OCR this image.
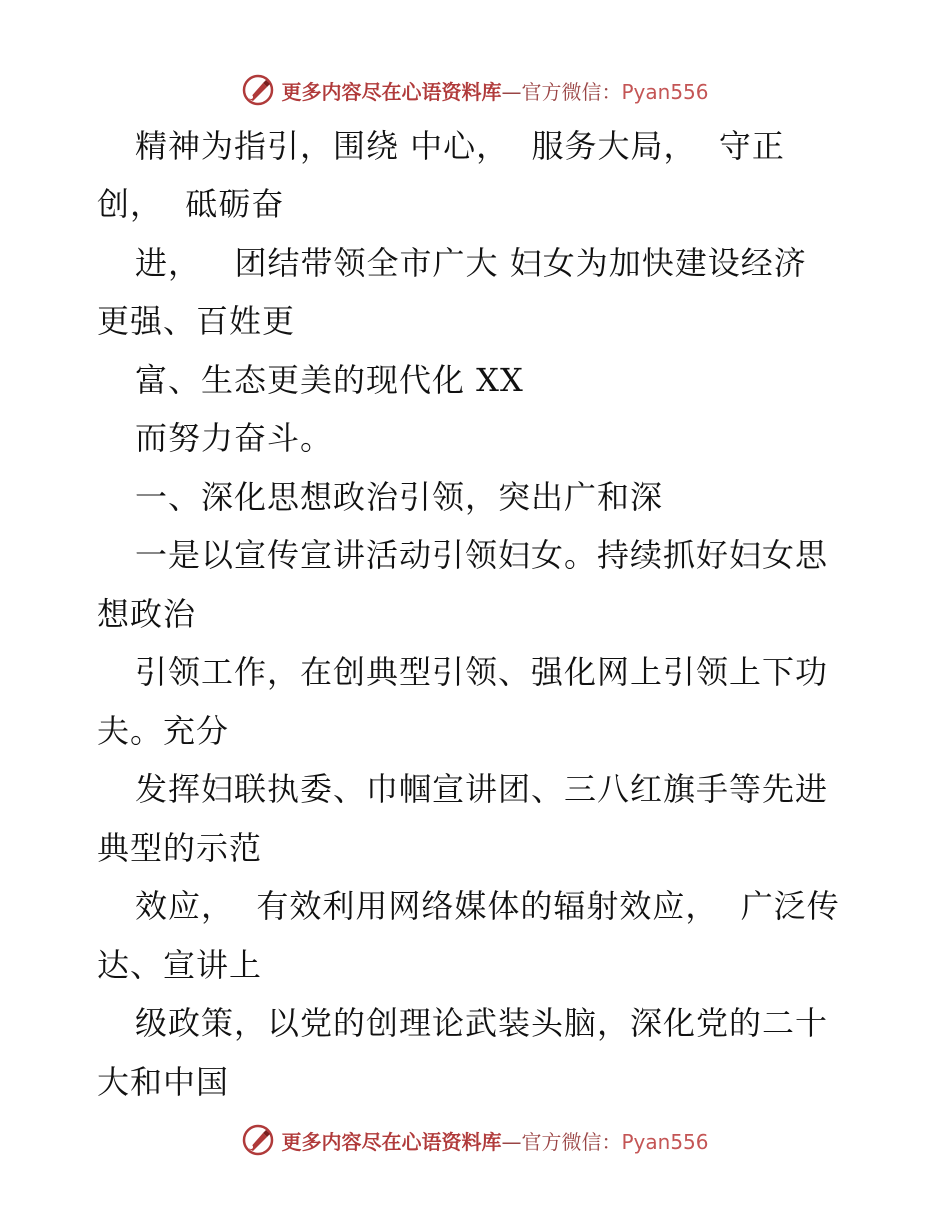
更多内容尽在心语资料库—官方微信：Pyan556
精神为指引，围绕 中心，  服务大局，  守正
创，  砥砺奋
进，   团结带领全市广大 妇女为加快建设经济
更强、百姓更
富、生态更美的现代化 XX
而努力奋斗。
一、深化思想政治引领，突出广和深
一是以宣传宣讲活动引领妇女。持续抓好妇女思
想政治
引领工作，在创典型引领、强化网上引领上下功
夫。充分
发挥妇联执委、巾帼宣讲团、三八红旗手等先进
典型的示范
效应，  有效利用网络媒体的辐射效应，  广泛传
达、宣讲上
级政策，以党的创理论武装头脑，深化党的二十
大和中国
更多内容尽在心语资料库—官方微信：Pyan556
